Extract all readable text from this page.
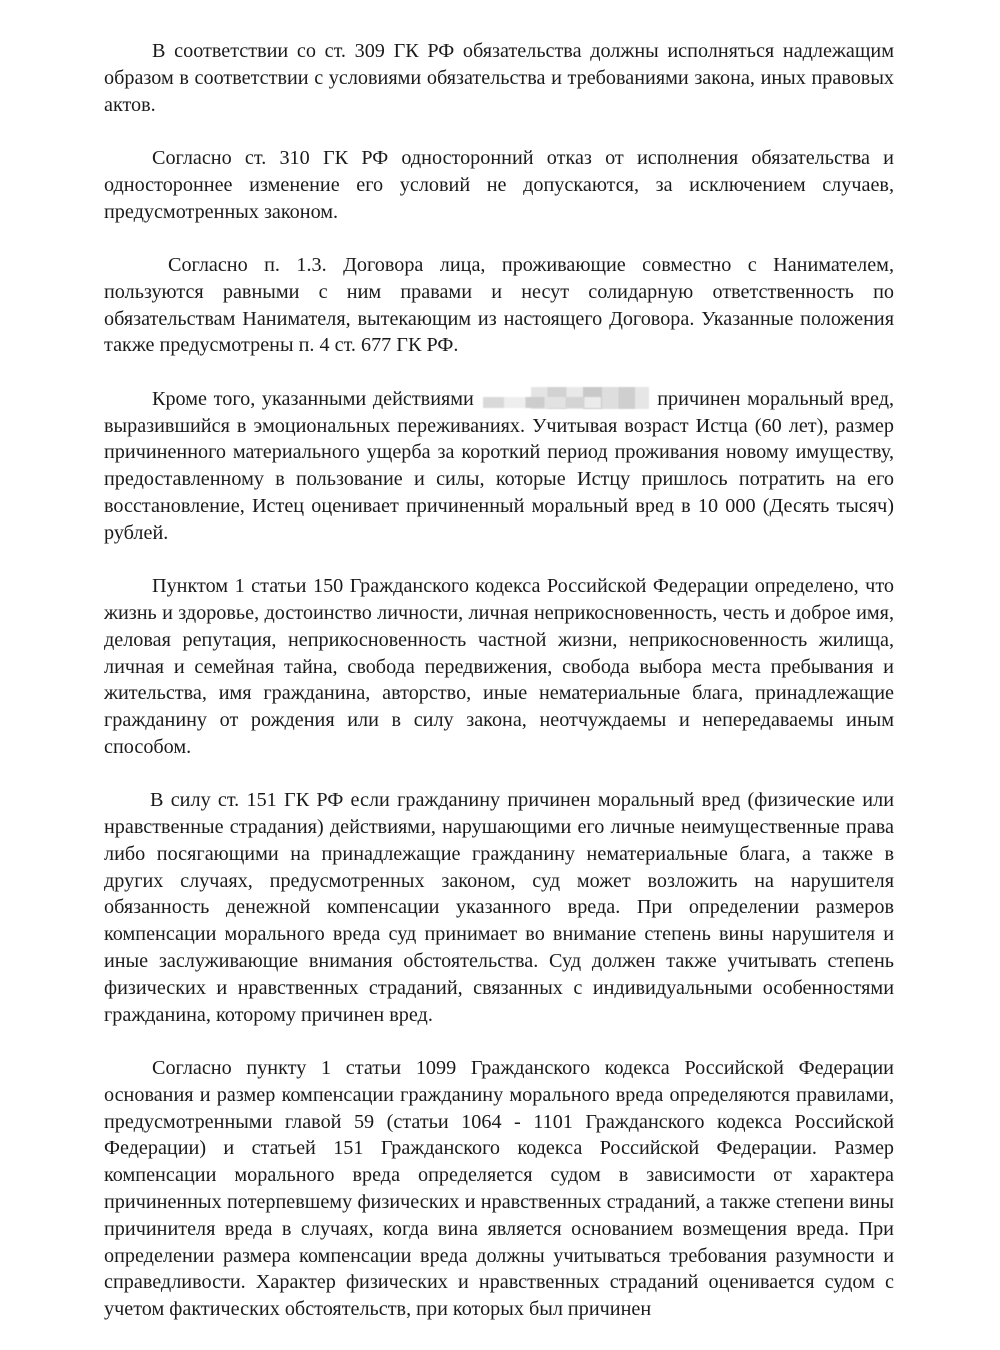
В соответствии со ст. 309 ГК РФ обязательства должны исполняться надлежащим образом в соответствии с условиями обязательства и требованиями закона, иных правовых актов.

Согласно ст. 310 ГК РФ односторонний отказ от исполнения обязательства и одностороннее изменение его условий не допускаются, за исключением случаев, предусмотренных законом.

Согласно п. 1.3. Договора лица, проживающие совместно с Нанимателем, пользуются равными с ним правами и несут солидарную ответственность по обязательствам Нанимателя, вытекающим из настоящего Договора. Указанные положения также предусмотрены п. 4 ст. 677 ГК РФ.

Кроме того, указанными действиями	причинен моральный вред, выразившийся в эмоциональных переживаниях. Учитывая возраст Истца (60 лет), размер причиненного материального ущерба за короткий период проживания новому имуществу, предоставленному в пользование и силы, которые Истцу пришлось потратить на его восстановление, Истец оценивает причиненный моральный вред в 10 000 (Десять тысяч) рублей.

Пунктом 1 статьи 150 Гражданского кодекса Российской Федерации определено, что жизнь и здоровье, достоинство личности, личная неприкосновенность, честь и доброе имя, деловая репутация, неприкосновенность частной жизни, неприкосновенность жилища, личная и семейная тайна, свобода передвижения, свобода выбора места пребывания и жительства, имя гражданина, авторство, иные нематериальные блага, принадлежащие гражданину от рождения или в силу закона, неотчуждаемы и непередаваемы иным способом.

В силу ст. 151 ГК РФ если гражданину причинен моральный вред (физические или нравственные страдания) действиями, нарушающими его личные неимущественные права либо посягающими на принадлежащие гражданину нематериальные блага, а также в других случаях, предусмотренных законом, суд может возложить на нарушителя обязанность денежной компенсации указанного вреда. При определении размеров компенсации морального вреда суд принимает во внимание степень вины нарушителя и иные заслуживающие внимания обстоятельства. Суд должен также учитывать степень физических и нравственных страданий, связанных с индивидуальными особенностями гражданина, которому причинен вред.

Согласно пункту 1 статьи 1099 Гражданского кодекса Российской Федерации основания и размер компенсации гражданину морального вреда определяются правилами, предусмотренными главой 59 (статьи 1064 - 1101 Гражданского кодекса Российской Федерации) и статьей 151 Гражданского кодекса Российской Федерации. Размер компенсации морального вреда определяется судом в зависимости от характера причиненных потерпевшему физических и нравственных страданий, а также степени вины причинителя вреда в случаях, когда вина является основанием возмещения вреда. При определении размера компенсации вреда должны учитываться требования разумности и справедливости. Характер физических и нравственных страданий оценивается судом с учетом фактических обстоятельств, при которых был причинен
